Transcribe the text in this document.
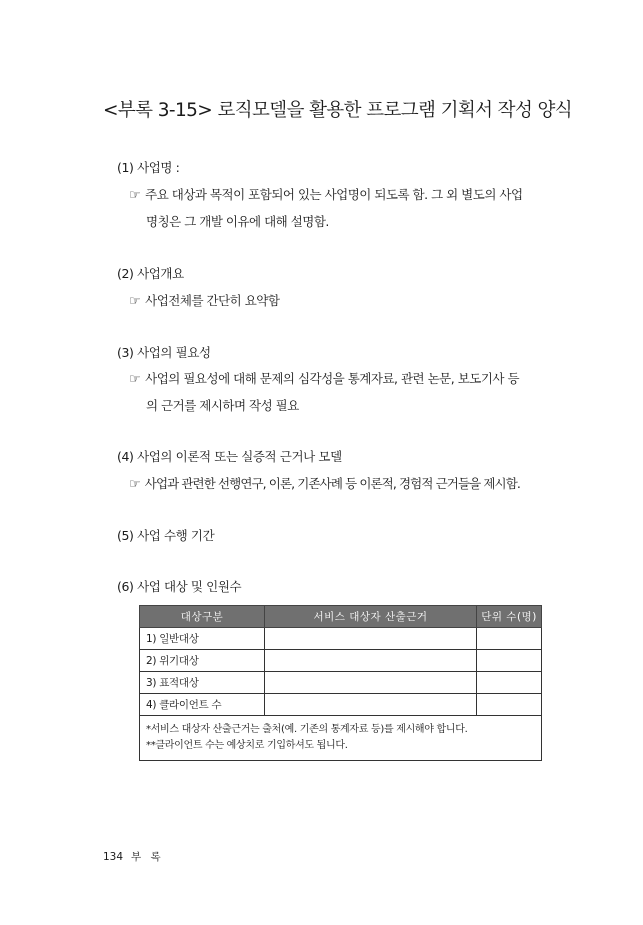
<부록 3-15> 로직모델을 활용한 프로그램 기획서 작성 양식
(1) 사업명 :
☞ 주요 대상과 목적이 포함되어 있는 사업명이 되도록 함. 그 외 별도의 사업
명칭은 그 개발 이유에 대해 설명함.
(2) 사업개요
☞ 사업전체를 간단히 요약함
(3) 사업의 필요성
☞ 사업의 필요성에 대해 문제의 심각성을 통계자료, 관련 논문, 보도기사 등
의 근거를 제시하며 작성 필요
(4) 사업의 이론적 또는 실증적 근거나 모델
☞ 사업과 관련한 선행연구, 이론, 기존사례 등 이론적, 경험적 근거들을 제시함.
(5) 사업 수행 기간
(6) 사업 대상 및 인원수
대상구분	서비스 대상자 산출근거	단위 수(명)
1) 일반대상		
2) 위기대상		
3) 표적대상		
4) 클라이언트 수		

*서비스 대상자 산출근거는 출처(예. 기존의 통계자료 등)를 제시해야 합니다.
**클라이언트 수는 예상치로 기입하셔도 됩니다.		
134 부 록
